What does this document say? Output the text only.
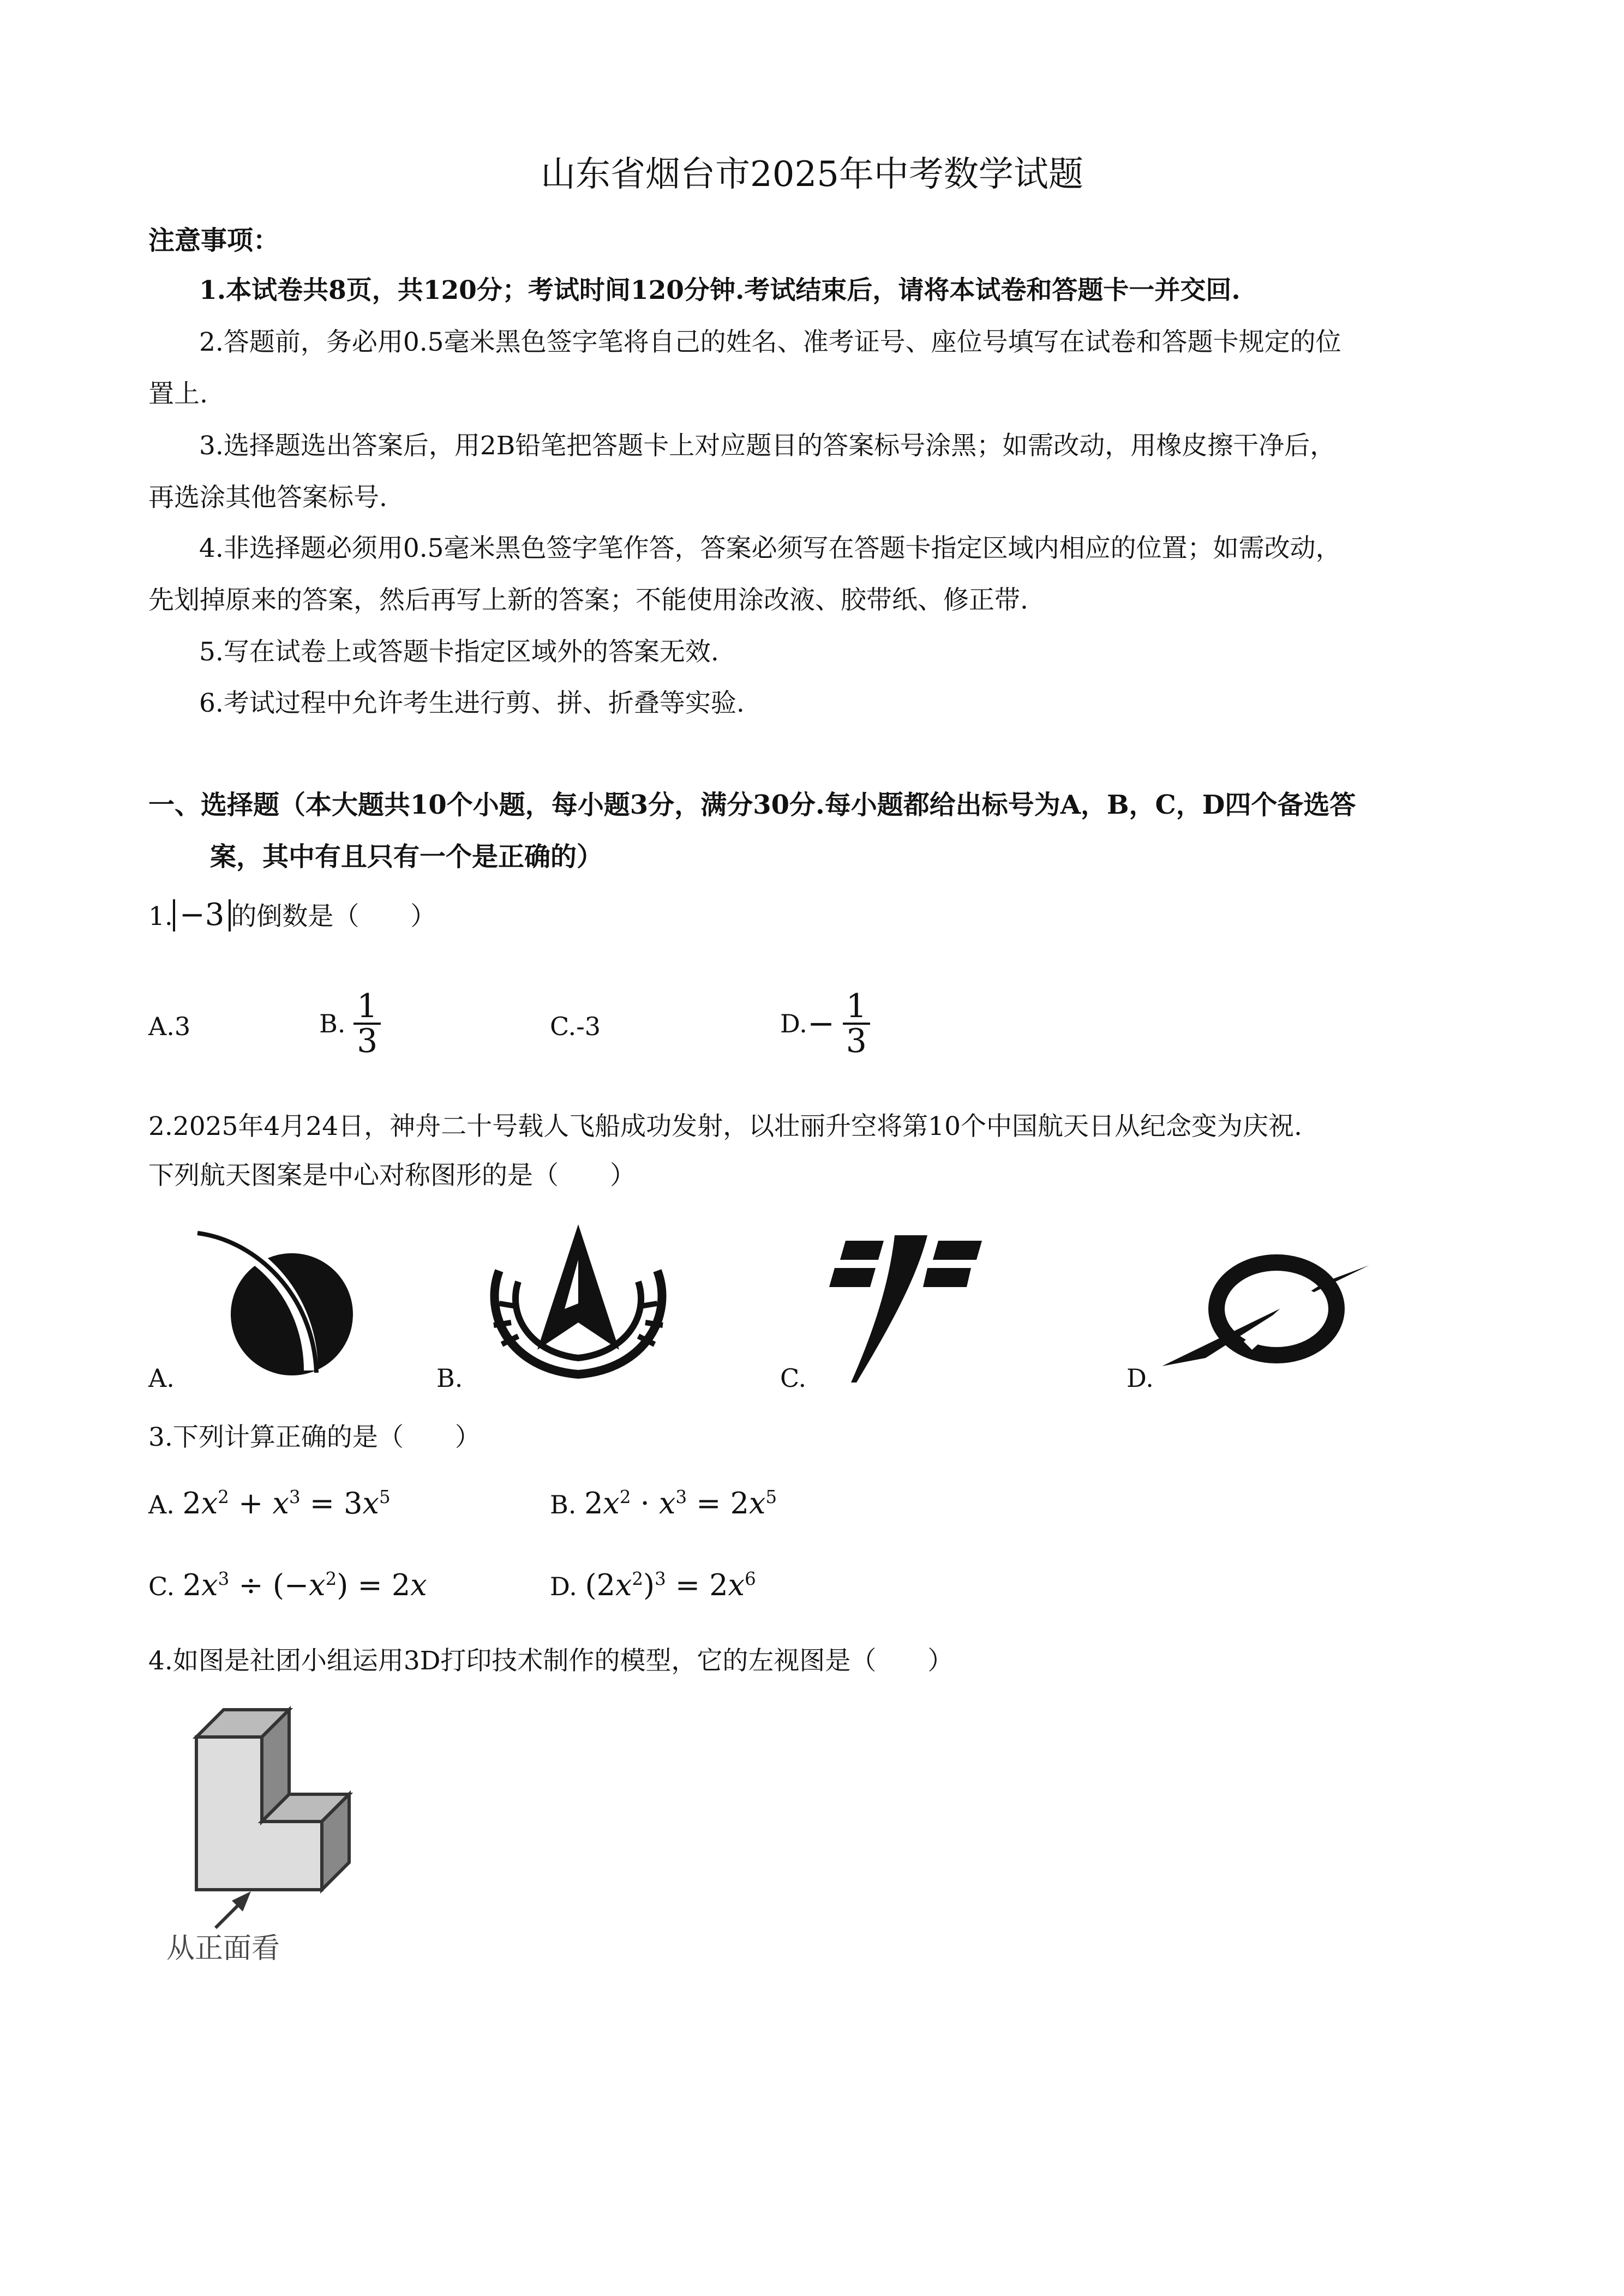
山东省烟台市2025年中考数学试题
注意事项：
1.本试卷共8页，共120分；考试时间120分钟.考试结束后，请将本试卷和答题卡一并交回.
2.答题前，务必用0.5毫米黑色签字笔将自己的姓名、准考证号、座位号填写在试卷和答题卡规定的位
置上.
3.选择题选出答案后，用2B铅笔把答题卡上对应题目的答案标号涂黑；如需改动，用橡皮擦干净后，
再选涂其他答案标号.
4.非选择题必须用0.5毫米黑色签字笔作答，答案必须写在答题卡指定区域内相应的位置；如需改动，
先划掉原来的答案，然后再写上新的答案；不能使用涂改液、胶带纸、修正带.
5.写在试卷上或答题卡指定区域外的答案无效.
6.考试过程中允许考生进行剪、拼、折叠等实验.
一、选择题（本大题共10个小题，每小题3分，满分30分.每小题都给出标号为A，B，C，D四个备选答
案，其中有且只有一个是正确的）
1. −3 的倒数是（　　）
A.3	B. $\frac{1}{3}$	C.-3	$D.- \frac{1}{3}$
2.2025年4月24日，神舟二十号载人飞船成功发射，以壮丽升空将第10个中国航天日从纪念变为庆祝.
下列航天图案是中心对称图形的是（　　）
A.	B.	C.	D.
3.下列计算正确的是（　　）
A. $2x^2 + x^3 = 3x^5$	B. $2x^2 \cdot x^3 = 2x^5$
C. $2x^3 \div (-x^2) = 2x$	D. $(2x^2)^3 = 2x^6$
4.如图是社团小组运用3D打印技术制作的模型，它的左视图是（　　）
从正面看
